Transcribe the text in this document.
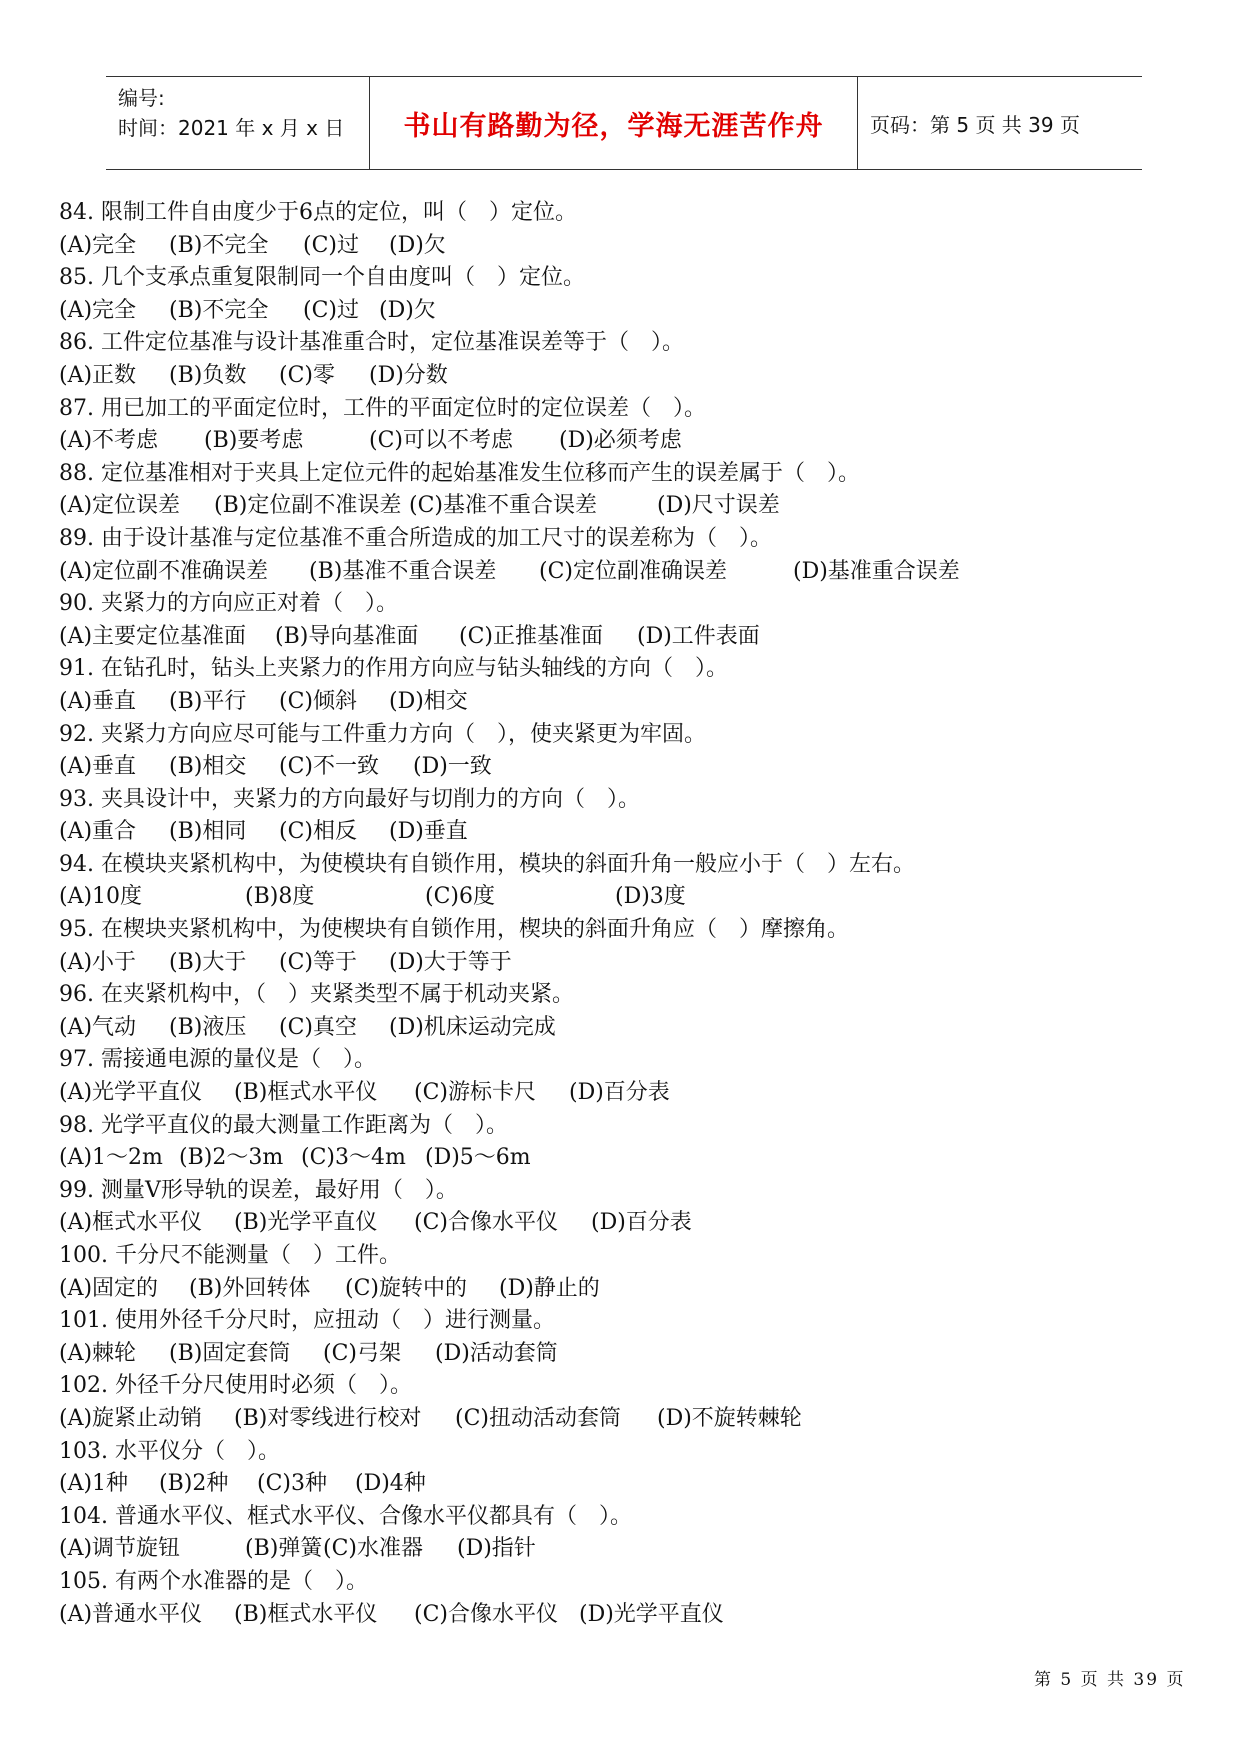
编号:
时间：2021 年 x 月 x 日	书山有路勤为径，学海无涯苦作舟	页码：第 5 页 共 39 页
84. 限制工件自由度少于6点的定位，叫（　）定位。
(A)完全 (B)不完全 (C)过 (D)欠
85. 几个支承点重复限制同一个自由度叫（　）定位。
(A)完全 (B)不完全 (C)过 (D)欠
86. 工件定位基准与设计基准重合时，定位基准误差等于（　）。
(A)正数 (B)负数 (C)零 (D)分数
87. 用已加工的平面定位时，工件的平面定位时的定位误差（　）。
(A)不考虑 (B)要考虑	(C)可以不考虑 (D)必须考虑
88. 定位基准相对于夹具上定位元件的起始基准发生位移而产生的误差属于（　）。
(A)定位误差 (B)定位副不准误差 (C)基准不重合误差	(D)尺寸误差
89. 由于设计基准与定位基准不重合所造成的加工尺寸的误差称为（　）。
(A)定位副不准确误差 (B)基准不重合误差 (C)定位副准确误差	(D)基准重合误差
90. 夹紧力的方向应正对着（　）。
(A)主要定位基准面 (B)导向基准面 (C)正推基准面 (D)工件表面
91. 在钻孔时，钻头上夹紧力的作用方向应与钻头轴线的方向（　）。
(A)垂直 (B)平行 (C)倾斜 (D)相交
92. 夹紧力方向应尽可能与工件重力方向（　），使夹紧更为牢固。
(A)垂直 (B)相交 (C)不一致 (D)一致
93. 夹具设计中，夹紧力的方向最好与切削力的方向（　）。
(A)重合 (B)相同 (C)相反 (D)垂直
94. 在模块夹紧机构中，为使模块有自锁作用，模块的斜面升角一般应小于（　）左右。
(A)10度	(B)8度	(C)6度	(D)3度
95. 在楔块夹紧机构中，为使楔块有自锁作用，楔块的斜面升角应（　）摩擦角。
(A)小于 (B)大于 (C)等于 (D)大于等于
96. 在夹紧机构中，（　）夹紧类型不属于机动夹紧。
(A)气动 (B)液压 (C)真空 (D)机床运动完成
97. 需接通电源的量仪是（　）。
(A)光学平直仪 (B)框式水平仪 (C)游标卡尺 (D)百分表
98. 光学平直仪的最大测量工作距离为（　）。
(A)1～2m (B)2～3m (C)3～4m (D)5～6m
99. 测量V形导轨的误差，最好用（　）。
(A)框式水平仪 (B)光学平直仪 (C)合像水平仪 (D)百分表
100. 千分尺不能测量（　）工件。
(A)固定的 (B)外回转体 (C)旋转中的 (D)静止的
101. 使用外径千分尺时，应扭动（　）进行测量。
(A)棘轮 (B)固定套筒 (C)弓架 (D)活动套筒
102. 外径千分尺使用时必须（　）。
(A)旋紧止动销 (B)对零线进行校对 (C)扭动活动套筒 (D)不旋转棘轮
103. 水平仪分（　）。
(A)1种 (B)2种 (C)3种 (D)4种
104. 普通水平仪、框式水平仪、合像水平仪都具有（　）。
(A)调节旋钮	(B)弹簧 (C)水准器 (D)指针
105. 有两个水准器的是（　）。
(A)普通水平仪 (B)框式水平仪 (C)合像水平仪 (D)光学平直仪
第 5 页 共 39 页
